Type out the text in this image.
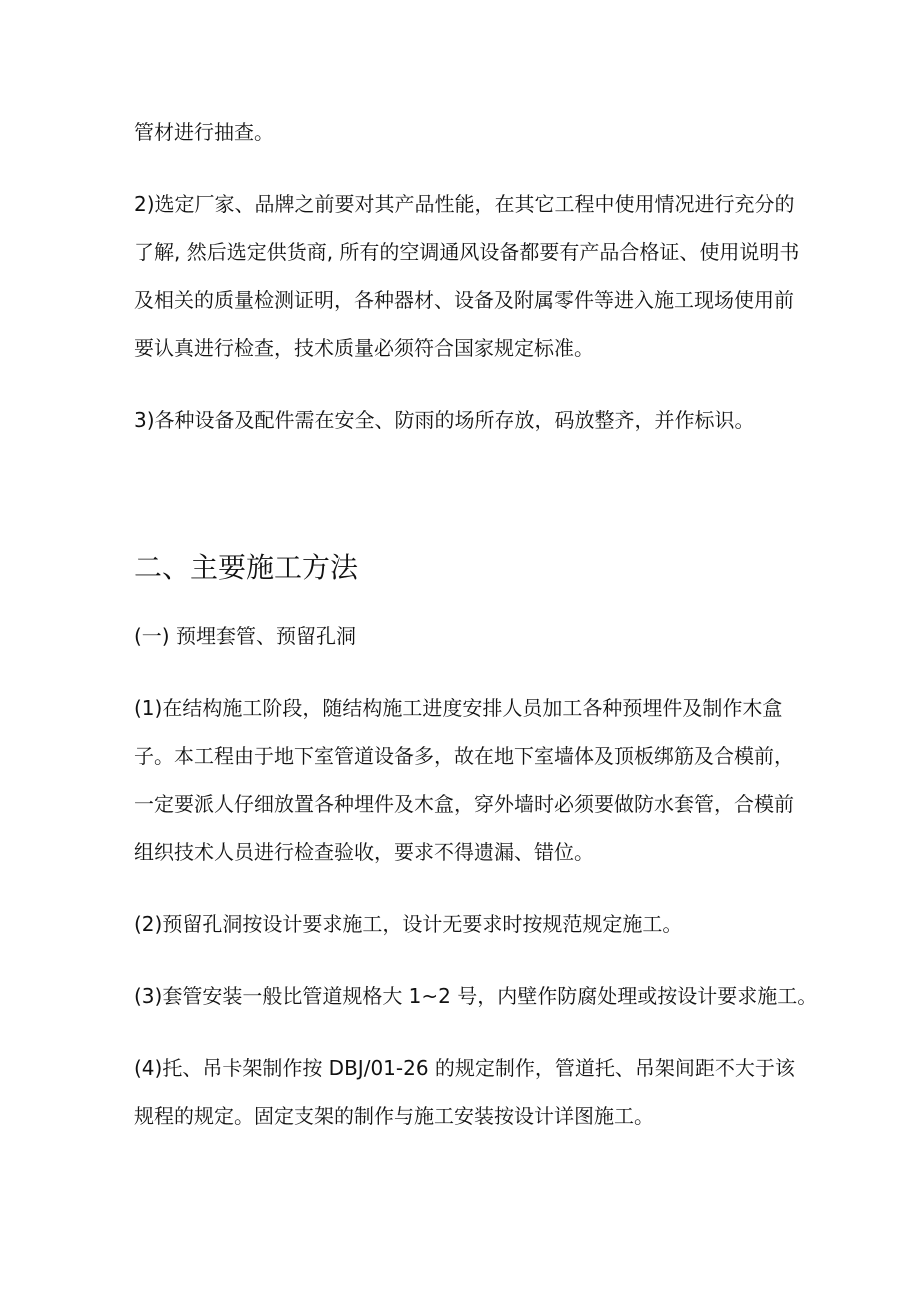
管材进行抽查。
2)选定厂家、品牌之前要对其产品性能，在其它工程中使用情况进行充分的
了解, 然后选定供货商, 所有的空调通风设备都要有产品合格证、使用说明书
及相关的质量检测证明，各种器材、设备及附属零件等进入施工现场使用前
要认真进行检查，技术质量必须符合国家规定标准。
3)各种设备及配件需在安全、防雨的场所存放，码放整齐，并作标识。
二、主要施工方法
(一) 预埋套管、预留孔洞
(1)在结构施工阶段，随结构施工进度安排人员加工各种预埋件及制作木盒
子。本工程由于地下室管道设备多，故在地下室墙体及顶板绑筋及合模前，
一定要派人仔细放置各种埋件及木盒，穿外墙时必须要做防水套管，合模前
组织技术人员进行检查验收，要求不得遗漏、错位。
(2)预留孔洞按设计要求施工，设计无要求时按规范规定施工。
(3)套管安装一般比管道规格大 1~2 号，内壁作防腐处理或按设计要求施工。
(4)托、吊卡架制作按 DBJ/01-26 的规定制作，管道托、吊架间距不大于该
规程的规定。固定支架的制作与施工安装按设计详图施工。
